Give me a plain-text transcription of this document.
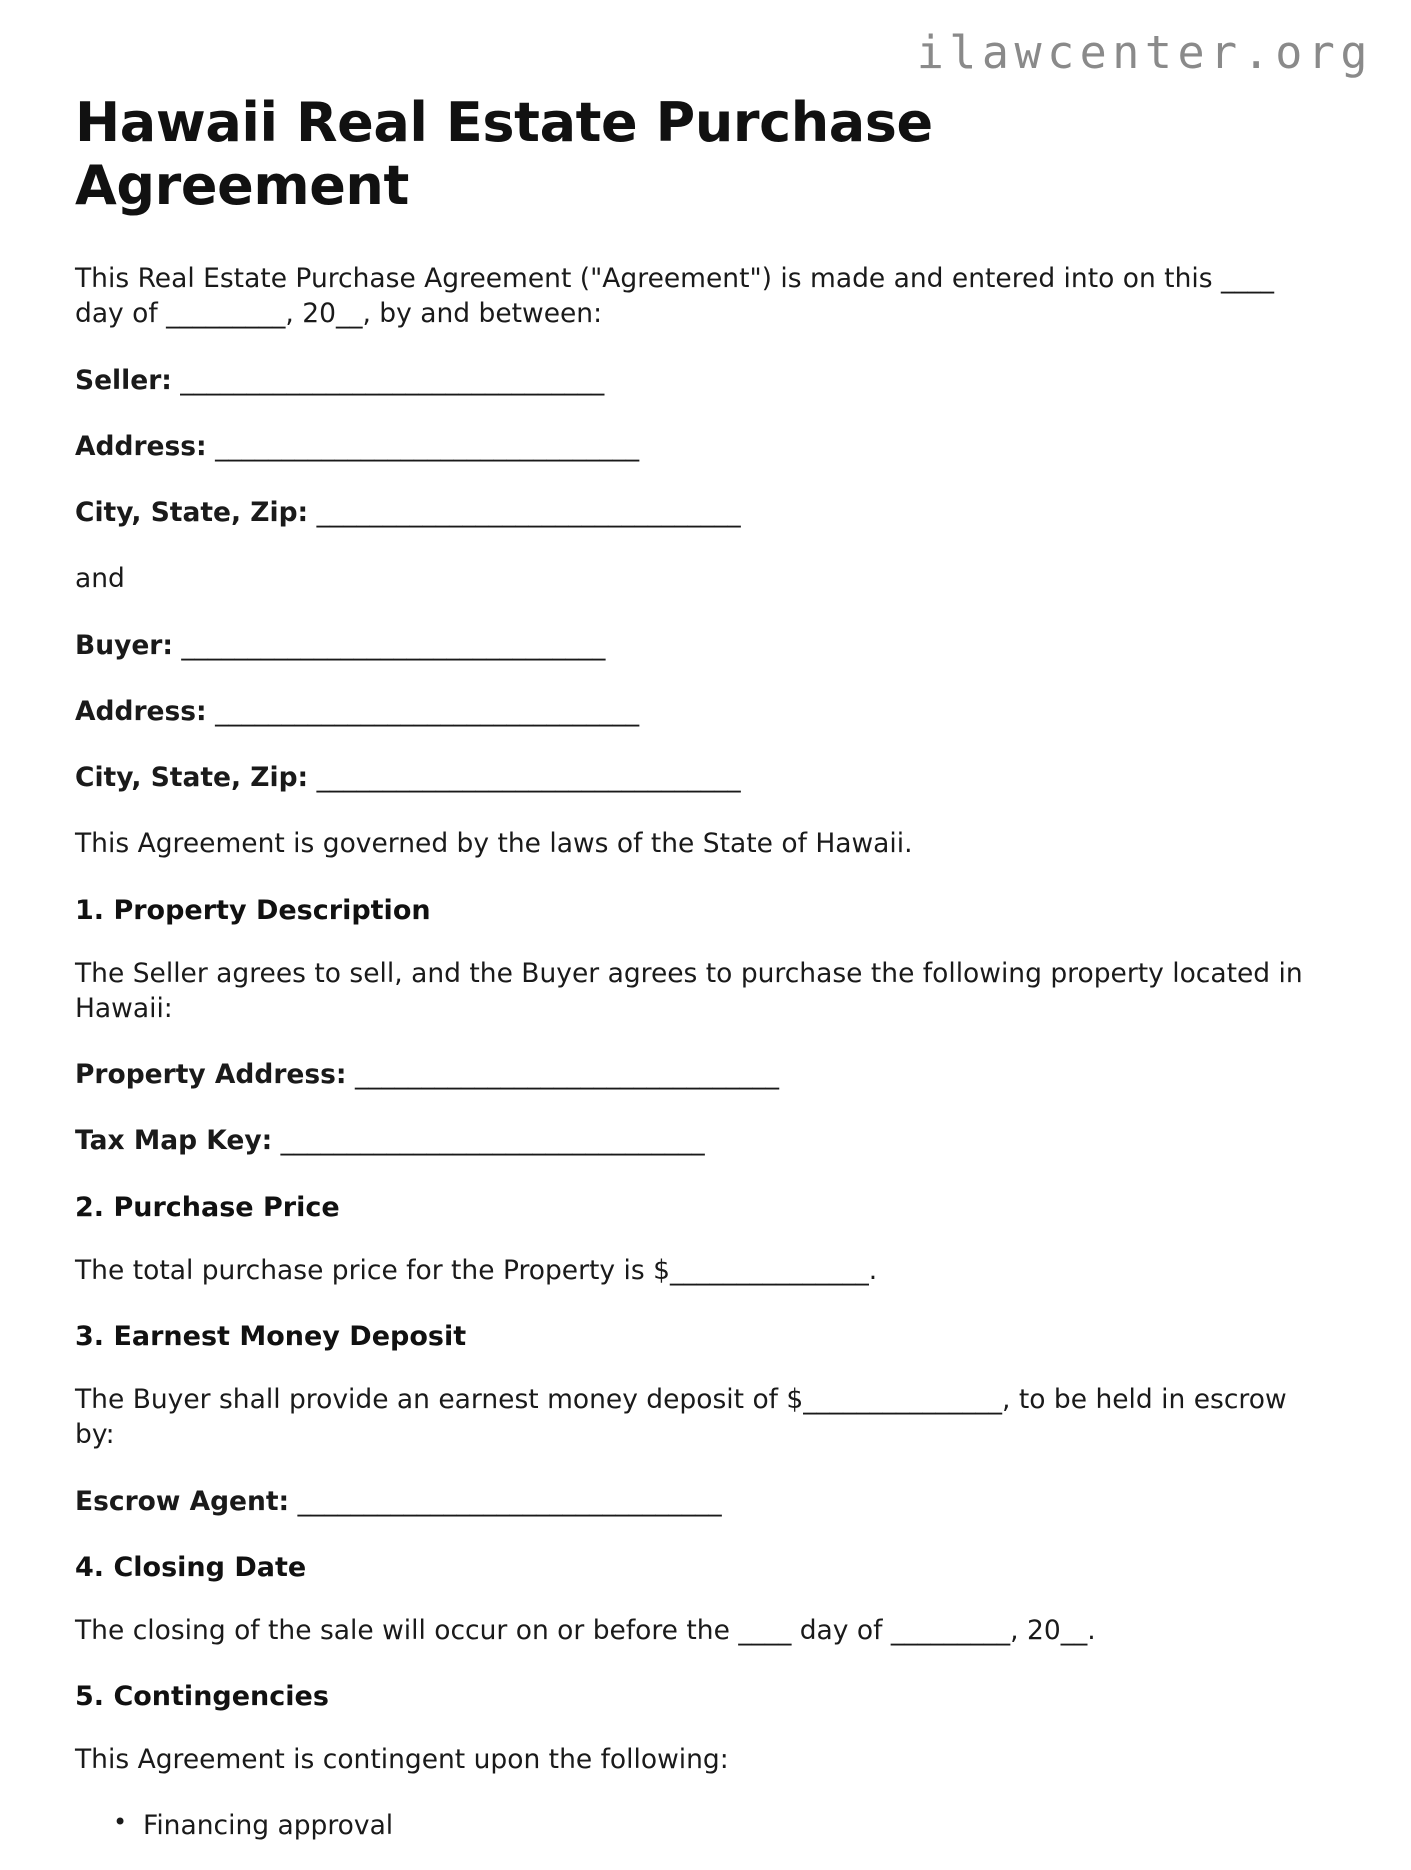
ilawcenter.org
Hawaii Real Estate Purchase Agreement

This Real Estate Purchase Agreement ("Agreement") is made and entered into on this ____ day of _________, 20__, by and between:

Seller: ________________________________

Address: ________________________________

City, State, Zip: ________________________________

and

Buyer: ________________________________

Address: ________________________________

City, State, Zip: ________________________________

This Agreement is governed by the laws of the State of Hawaii.

1. Property Description

The Seller agrees to sell, and the Buyer agrees to purchase the following property located in Hawaii:

Property Address: ________________________________

Tax Map Key: ________________________________

2. Purchase Price

The total purchase price for the Property is $_______________.

3. Earnest Money Deposit

The Buyer shall provide an earnest money deposit of $_______________, to be held in escrow by:

Escrow Agent: ________________________________

4. Closing Date

The closing of the sale will occur on or before the ____ day of _________, 20__.

5. Contingencies

This Agreement is contingent upon the following:

• Financing approval
